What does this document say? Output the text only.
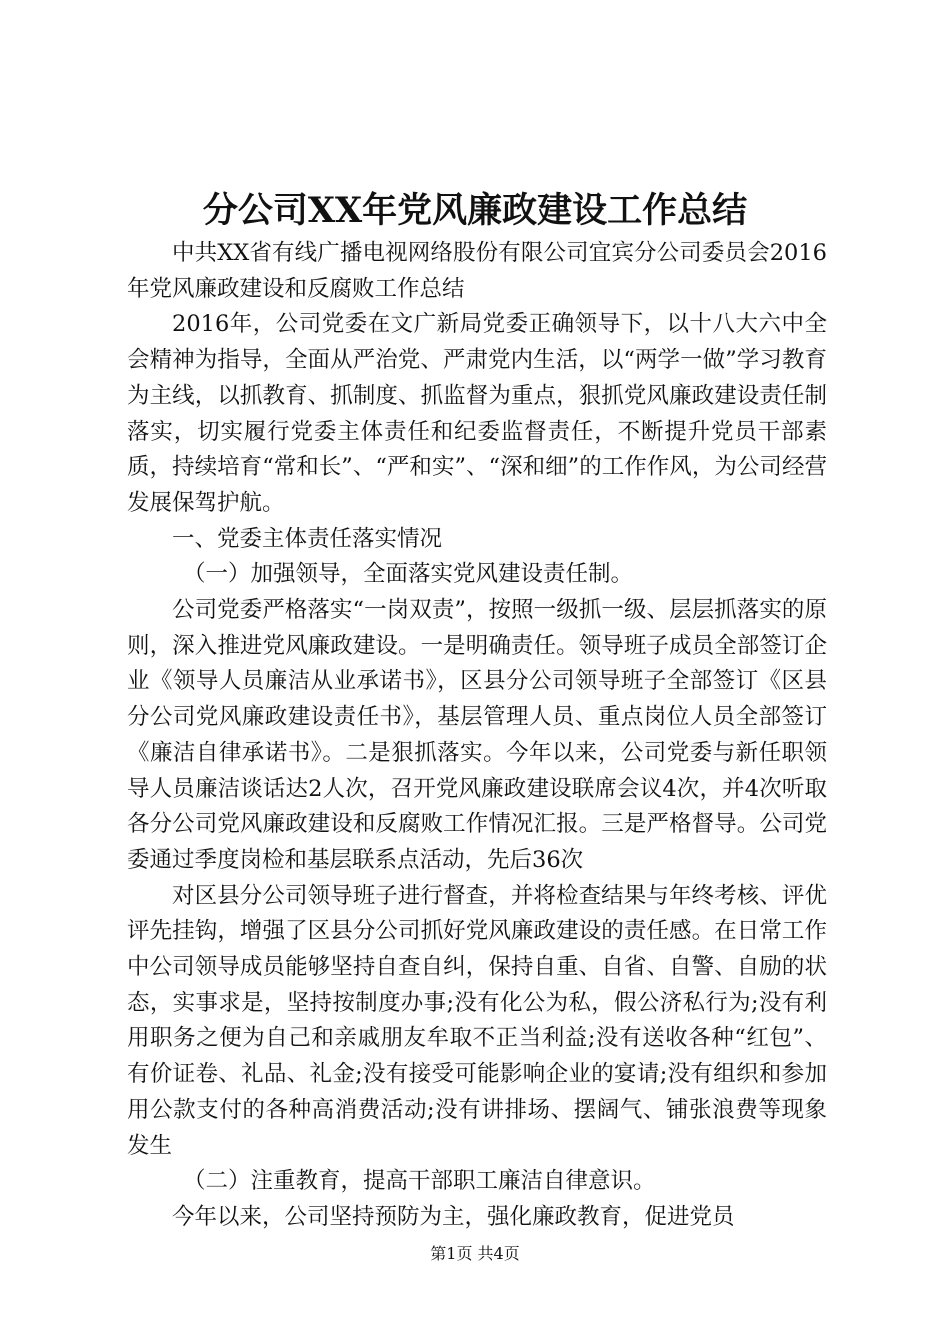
分公司XX年党风廉政建设工作总结

中共XX省有线广播电视网络股份有限公司宜宾分公司委员会2016年党风廉政建设和反腐败工作总结

2016年，公司党委在文广新局党委正确领导下，以十八大六中全会精神为指导，全面从严治党、严肃党内生活，以“两学一做”学习教育为主线，以抓教育、抓制度、抓监督为重点，狠抓党风廉政建设责任制落实，切实履行党委主体责任和纪委监督责任，不断提升党员干部素质，持续培育“常和长”、“严和实”、“深和细”的工作作风，为公司经营发展保驾护航。

一、党委主体责任落实情况

（一）加强领导，全面落实党风建设责任制。

公司党委严格落实“一岗双责”，按照一级抓一级、层层抓落实的原则，深入推进党风廉政建设。一是明确责任。领导班子成员全部签订企业《领导人员廉洁从业承诺书》，区县分公司领导班子全部签订《区县分公司党风廉政建设责任书》，基层管理人员、重点岗位人员全部签订《廉洁自律承诺书》。二是狠抓落实。今年以来，公司党委与新任职领导人员廉洁谈话达2人次，召开党风廉政建设联席会议4次，并4次听取各分公司党风廉政建设和反腐败工作情况汇报。三是严格督导。公司党委通过季度岗检和基层联系点活动，先后36次

对区县分公司领导班子进行督查，并将检查结果与年终考核、评优评先挂钩，增强了区县分公司抓好党风廉政建设的责任感。在日常工作中公司领导成员能够坚持自查自纠，保持自重、自省、自警、自励的状态，实事求是，坚持按制度办事;没有化公为私，假公济私行为;没有利用职务之便为自己和亲戚朋友牟取不正当利益;没有送收各种“红包”、有价证卷、礼品、礼金;没有接受可能影响企业的宴请;没有组织和参加用公款支付的各种高消费活动;没有讲排场、摆阔气、铺张浪费等现象发生

（二）注重教育，提高干部职工廉洁自律意识。

今年以来，公司坚持预防为主，强化廉政教育，促进党员

第1页 共4页
